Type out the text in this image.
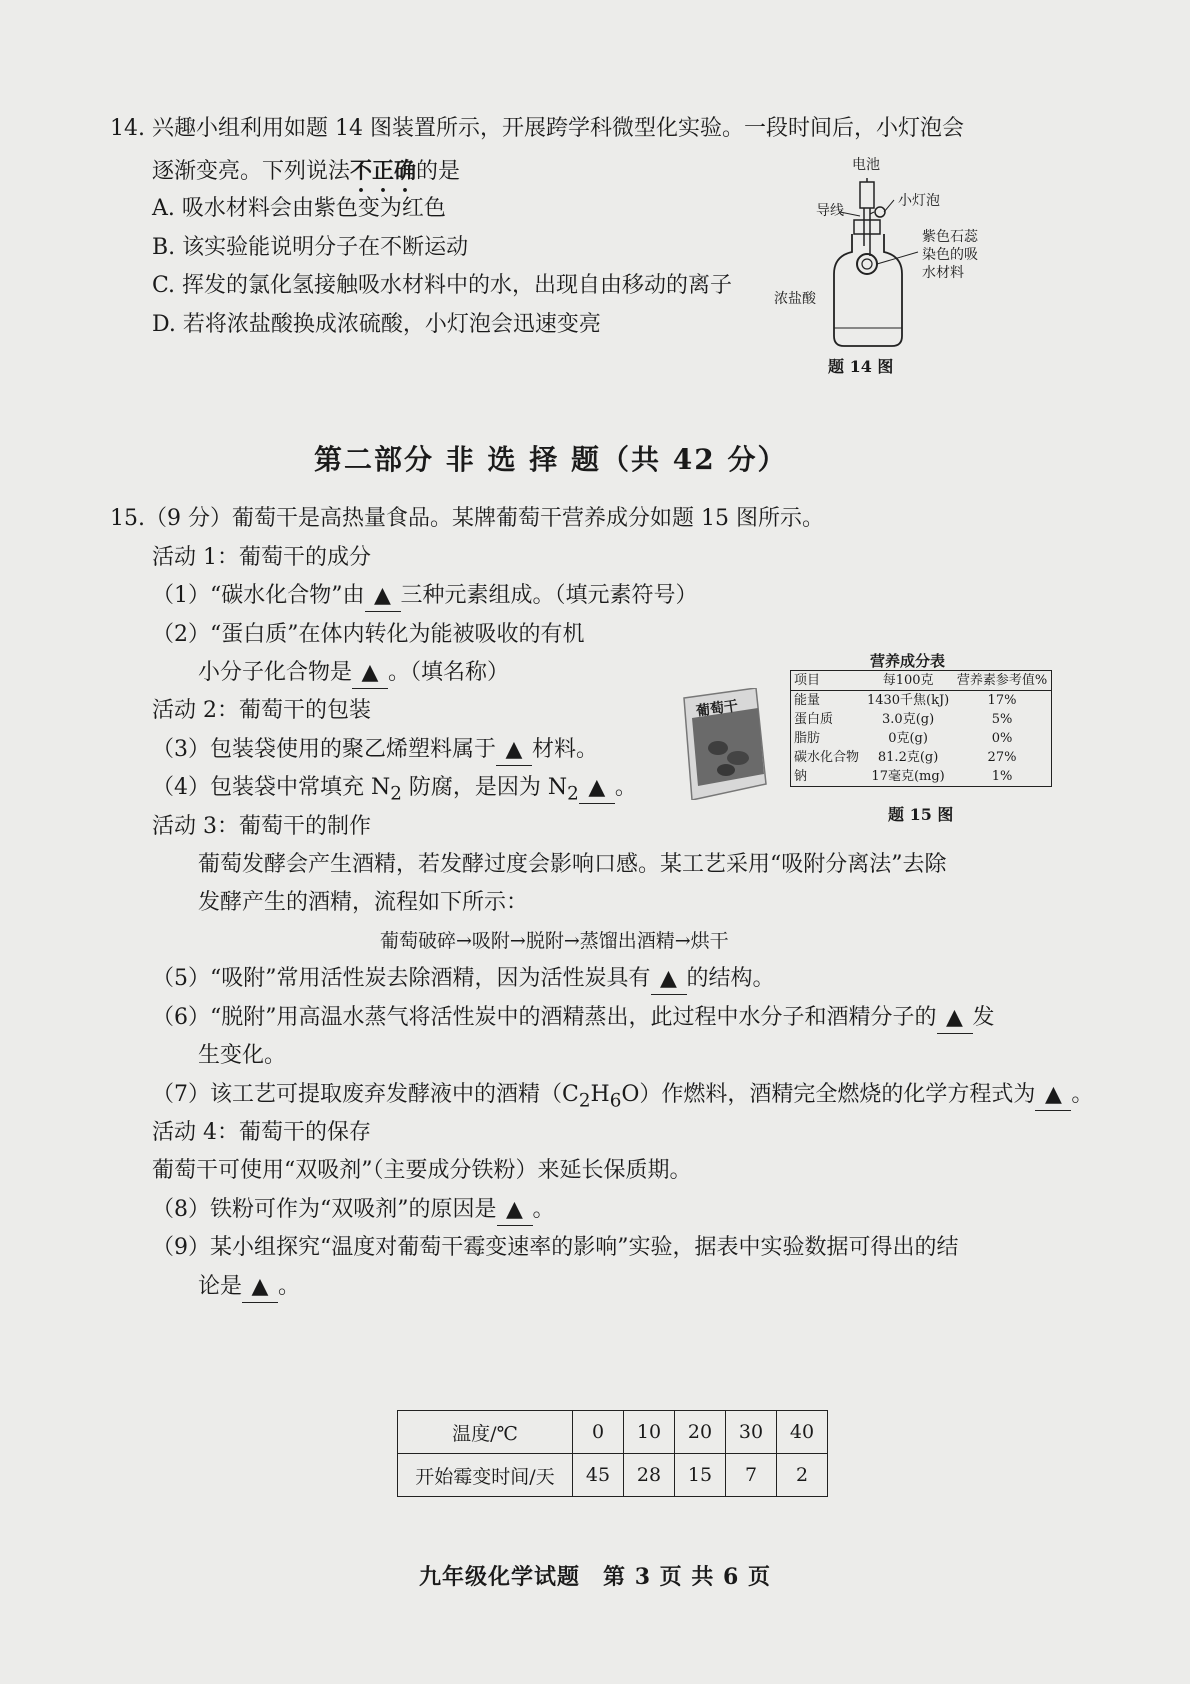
14. 兴趣小组利用如题 14 图装置所示，开展跨学科微型化实验。一段时间后，小灯泡会
逐渐变亮。下列说法不正确的是
A. 吸水材料会由紫色变为红色
B. 该实验能说明分子在不断运动
C. 挥发的氯化氢接触吸水材料中的水，出现自由移动的离子
D. 若将浓盐酸换成浓硫酸，小灯泡会迅速变亮
电池
导线
小灯泡
紫色石蕊
染色的吸
水材料
浓盐酸
题 14 图
第二部分 非 选 择 题（共 42 分）
15.（9 分）葡萄干是高热量食品。某牌葡萄干营养成分如题 15 图所示。
活动 1：葡萄干的成分
（1）“碳水化合物”由 ▲ 三种元素组成。（填元素符号）
（2）“蛋白质”在体内转化为能被吸收的有机
小分子化合物是 ▲ 。（填名称）
活动 2：葡萄干的包装
（3）包装袋使用的聚乙烯塑料属于 ▲ 材料。
（4）包装袋中常填充 $N_2$ 防腐，是因为 $N_2$ ▲ 。
活动 3：葡萄干的制作
葡萄发酵会产生酒精，若发酵过度会影响口感。某工艺采用“吸附分离法”去除
发酵产生的酒精，流程如下所示：
葡萄破碎→吸附→脱附→蒸馏出酒精→烘干
（5）“吸附”常用活性炭去除酒精，因为活性炭具有 ▲ 的结构。
（6）“脱附”用高温水蒸气将活性炭中的酒精蒸出，此过程中水分子和酒精分子的 ▲ 发
生变化。
（7）该工艺可提取废弃发酵液中的酒精$(C_2H_6O)$作燃料，酒精完全燃烧的化学方程式为 ▲ 。
活动 4：葡萄干的保存
葡萄干可使用“双吸剂”（主要成分铁粉）来延长保质期。
（8）铁粉可作为“双吸剂”的原因是 ▲ 。
（9）某小组探究“温度对葡萄干霉变速率的影响”实验，据表中实验数据可得出的结
论是 ▲ 。
葡萄干
营养成分表
项目	每100克	营养素参考值%
能量	1430千焦(kJ)	17%
蛋白质	3.0克(g)	5%
脂肪	0克(g)	0%
碳水化合物	81.2克(g)	27%
钠	17毫克(mg)	1%
题 15 图
温度/℃	0	10	20	30	40
开始霉变时间/天	45	28	15	7	2
九年级化学试题　第 3 页 共 6 页
